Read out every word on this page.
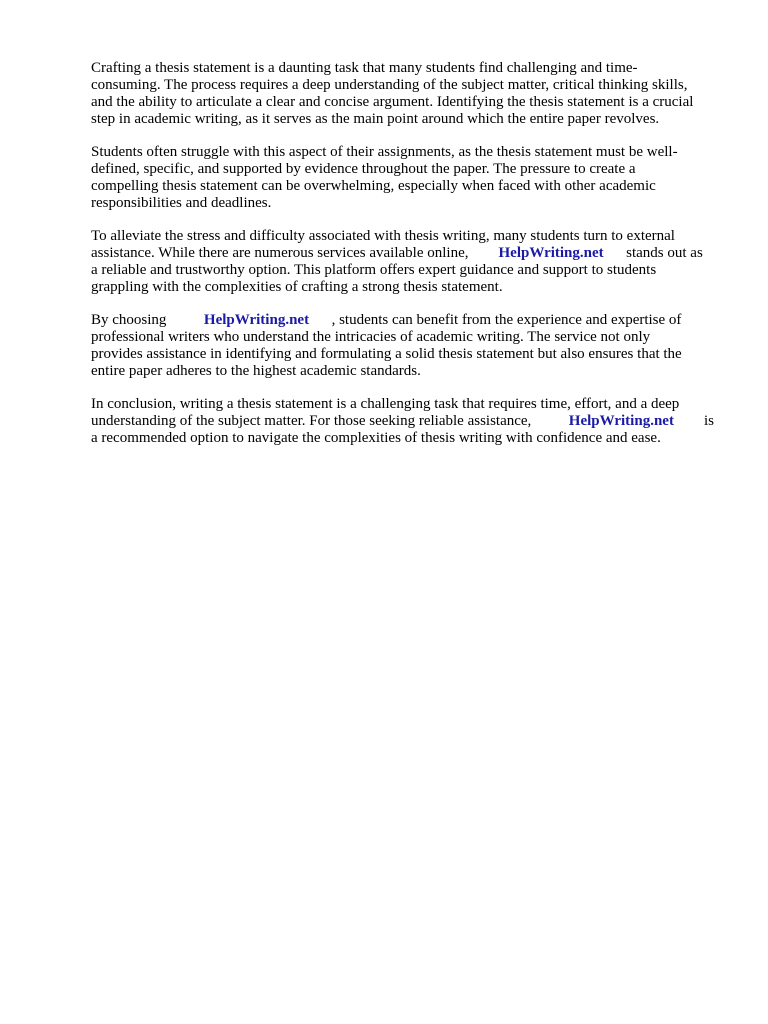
Crafting a thesis statement is a daunting task that many students find challenging and time-
consuming. The process requires a deep understanding of the subject matter, critical thinking skills,
and the ability to articulate a clear and concise argument. Identifying the thesis statement is a crucial
step in academic writing, as it serves as the main point around which the entire paper revolves.
Students often struggle with this aspect of their assignments, as the thesis statement must be well-
defined, specific, and supported by evidence throughout the paper. The pressure to create a
compelling thesis statement can be overwhelming, especially when faced with other academic
responsibilities and deadlines.
To alleviate the stress and difficulty associated with thesis writing, many students turn to external
assistance. While there are numerous services available online, HelpWriting.net stands out as
a reliable and trustworthy option. This platform offers expert guidance and support to students
grappling with the complexities of crafting a strong thesis statement.
By choosing	HelpWriting.net , students can benefit from the experience and expertise of
professional writers who understand the intricacies of academic writing. The service not only
provides assistance in identifying and formulating a solid thesis statement but also ensures that the
entire paper adheres to the highest academic standards.
In conclusion, writing a thesis statement is a challenging task that requires time, effort, and a deep
understanding of the subject matter. For those seeking reliable assistance,	HelpWriting.net is
a recommended option to navigate the complexities of thesis writing with confidence and ease.
